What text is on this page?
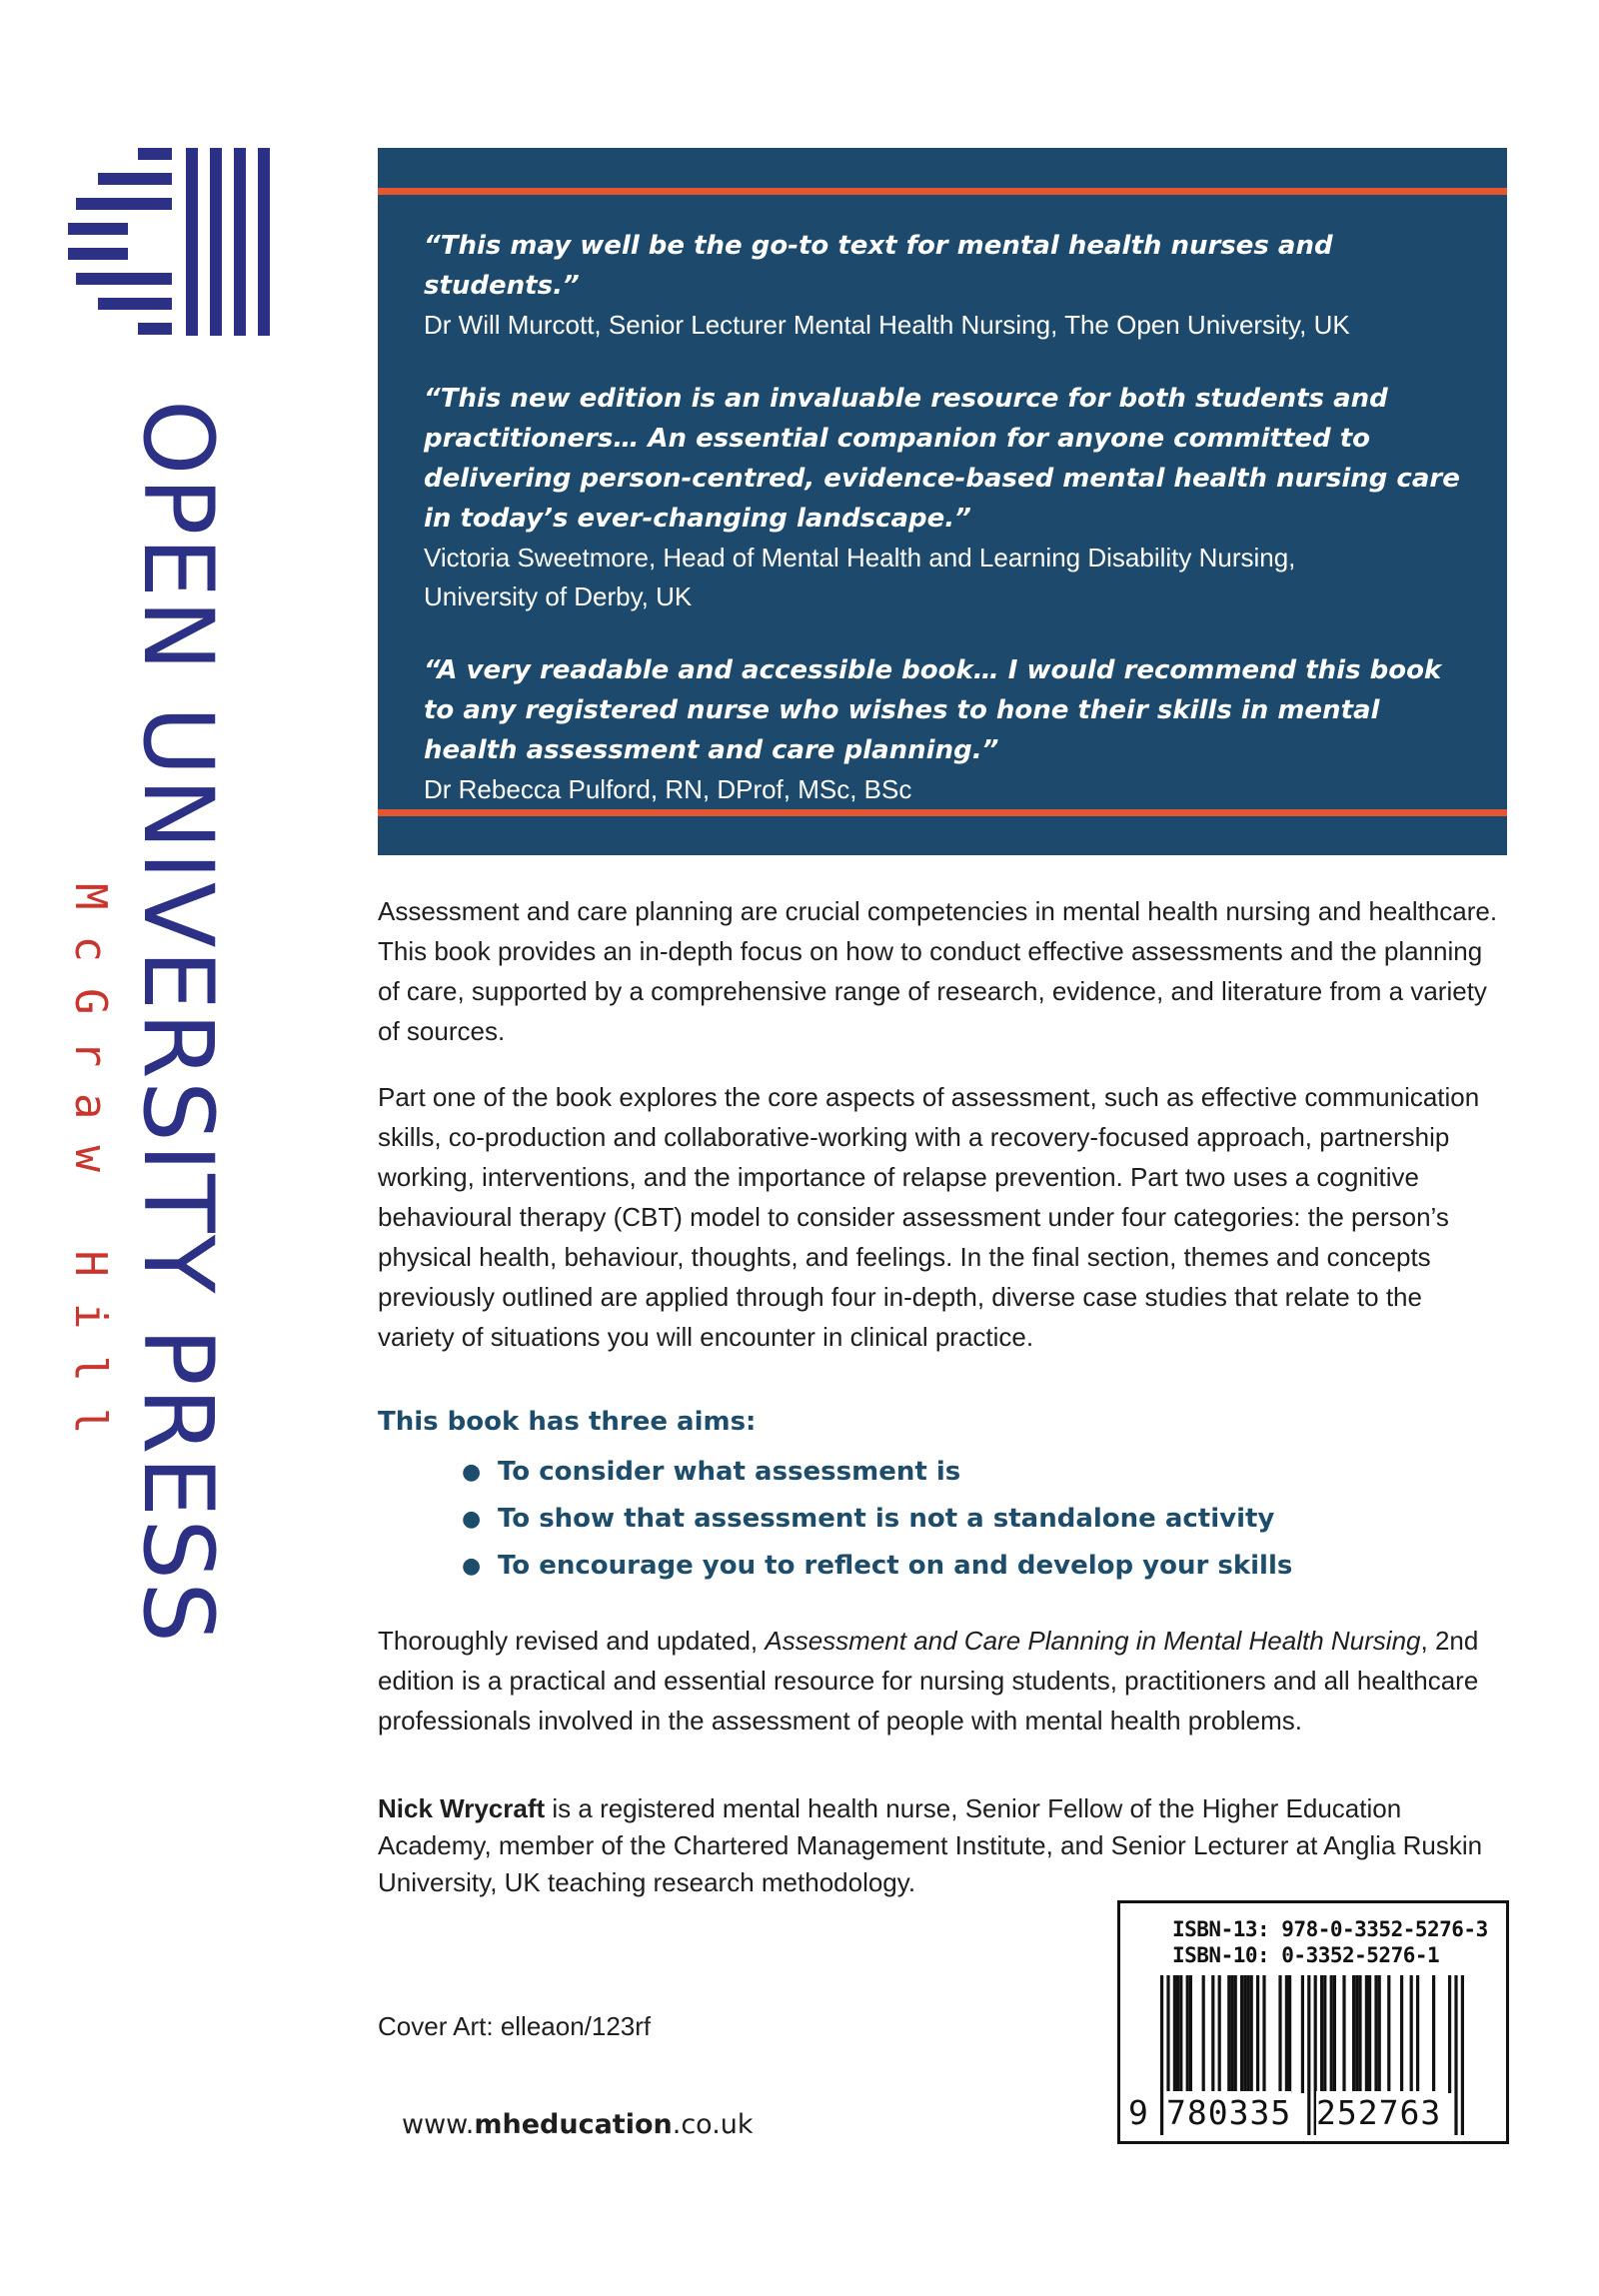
OPEN UNIVERSITY PRESS

McGraw Hill

“This may well be the go-to text for mental health nurses and students.”

Dr Will Murcott, Senior Lecturer Mental Health Nursing, The Open University, UK

“This new edition is an invaluable resource for both students and practitioners… An essential companion for anyone committed to delivering person-centred, evidence-based mental health nursing care in today’s ever-changing landscape.”

Victoria Sweetmore, Head of Mental Health and Learning Disability Nursing,

University of Derby, UK

“A very readable and accessible book… I would recommend this book to any registered nurse who wishes to hone their skills in mental health assessment and care planning.”

Dr Rebecca Pulford, RN, DProf, MSc, BSc

Assessment and care planning are crucial competencies in mental health nursing and healthcare. This book provides an in-depth focus on how to conduct effective assessments and the planning of care, supported by a comprehensive range of research, evidence, and literature from a variety of sources.

Part one of the book explores the core aspects of assessment, such as effective communication skills, co-production and collaborative-working with a recovery-focused approach, partnership working, interventions, and the importance of relapse prevention. Part two uses a cognitive behavioural therapy (CBT) model to consider assessment under four categories: the person’s physical health, behaviour, thoughts, and feelings. In the final section, themes and concepts previously outlined are applied through four in-depth, diverse case studies that relate to the variety of situations you will encounter in clinical practice.

This book has three aims:

● To consider what assessment is
● To show that assessment is not a standalone activity
● To encourage you to reflect on and develop your skills

Thoroughly revised and updated, Assessment and Care Planning in Mental Health Nursing, 2nd edition is a practical and essential resource for nursing students, practitioners and all healthcare professionals involved in the assessment of people with mental health problems.

Nick Wrycraft is a registered mental health nurse, Senior Fellow of the Higher Education Academy, member of the Chartered Management Institute, and Senior Lecturer at Anglia Ruskin University, UK teaching research methodology.

Cover Art: elleaon/123rf

www.mheducation.co.uk

ISBN-13: 978-0-3352-5276-3

ISBN-10: 0-3352-5276-1

9 780335 252763
